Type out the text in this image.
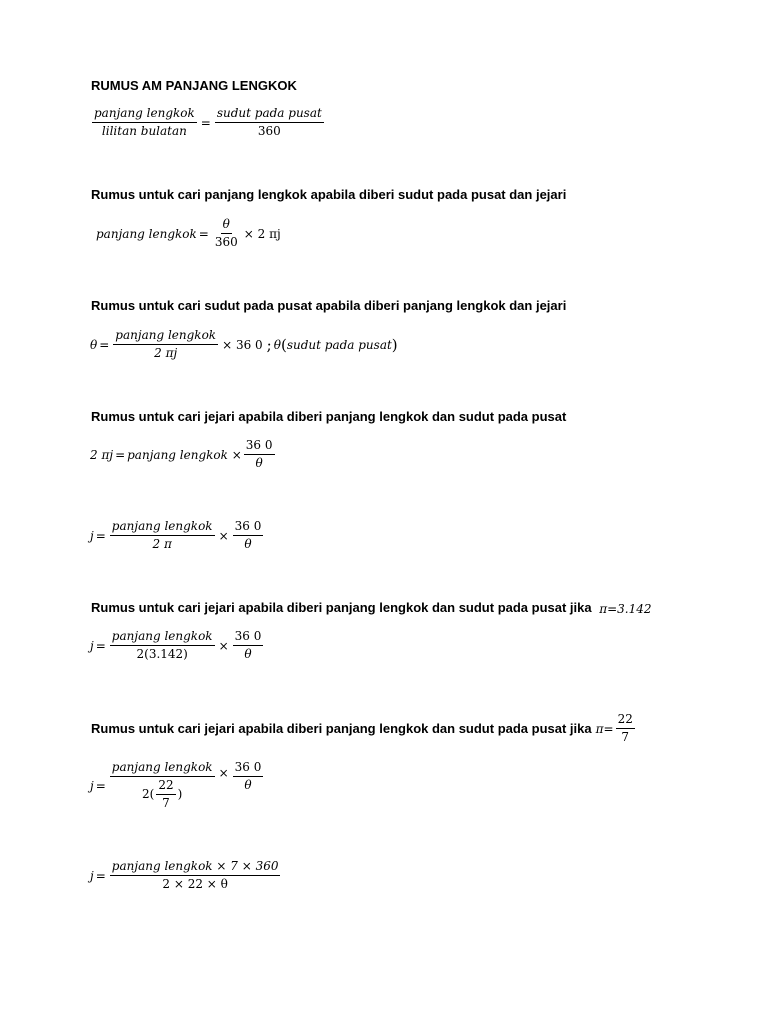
RUMUS AM PANJANG LENGKOK
$\frac{\text{panjang lengkok}}{\text{lilitan bulatan}} = \frac{\text{sudut pada pusat}}{360}$
Rumus untuk cari panjang lengkok apabila diberi sudut pada pusat dan jejari
panjang lengkok = $\frac{\theta}{360} \times 2$ πj
Rumus untuk cari sudut pada pusat apabila diberi panjang lengkok dan jejari
$\theta = \frac{\text{panjang lengkok}}{2 \pi j} \times 36$ 0 ; θ ( sudut pada pusat )
Rumus untuk cari jejari apabila diberi panjang lengkok dan sudut pada pusat
2 πj = panjang lengkok × $\frac{36 0}{\theta}$
$j = \frac{\text{panjang lengkok}}{2 \pi} \times \frac{36 0}{\theta}$
Rumus untuk cari jejari apabila diberi panjang lengkok dan sudut pada pusat jika π=3.142
$j = \frac{\text{panjang lengkok}}{2(3.142)} \times \frac{36 0}{\theta}$
Rumus untuk cari jejari apabila diberi panjang lengkok dan sudut pada pusat jika $\pi= \frac{22}{7}$
$j = \frac{\text{panjang lengkok}}{2( \frac{22}{7} )} \times \frac{36 0}{\theta}$
$j = \frac{\text{panjang lengkok × 7 × 360}}{2 \times 22 \times \theta}$
